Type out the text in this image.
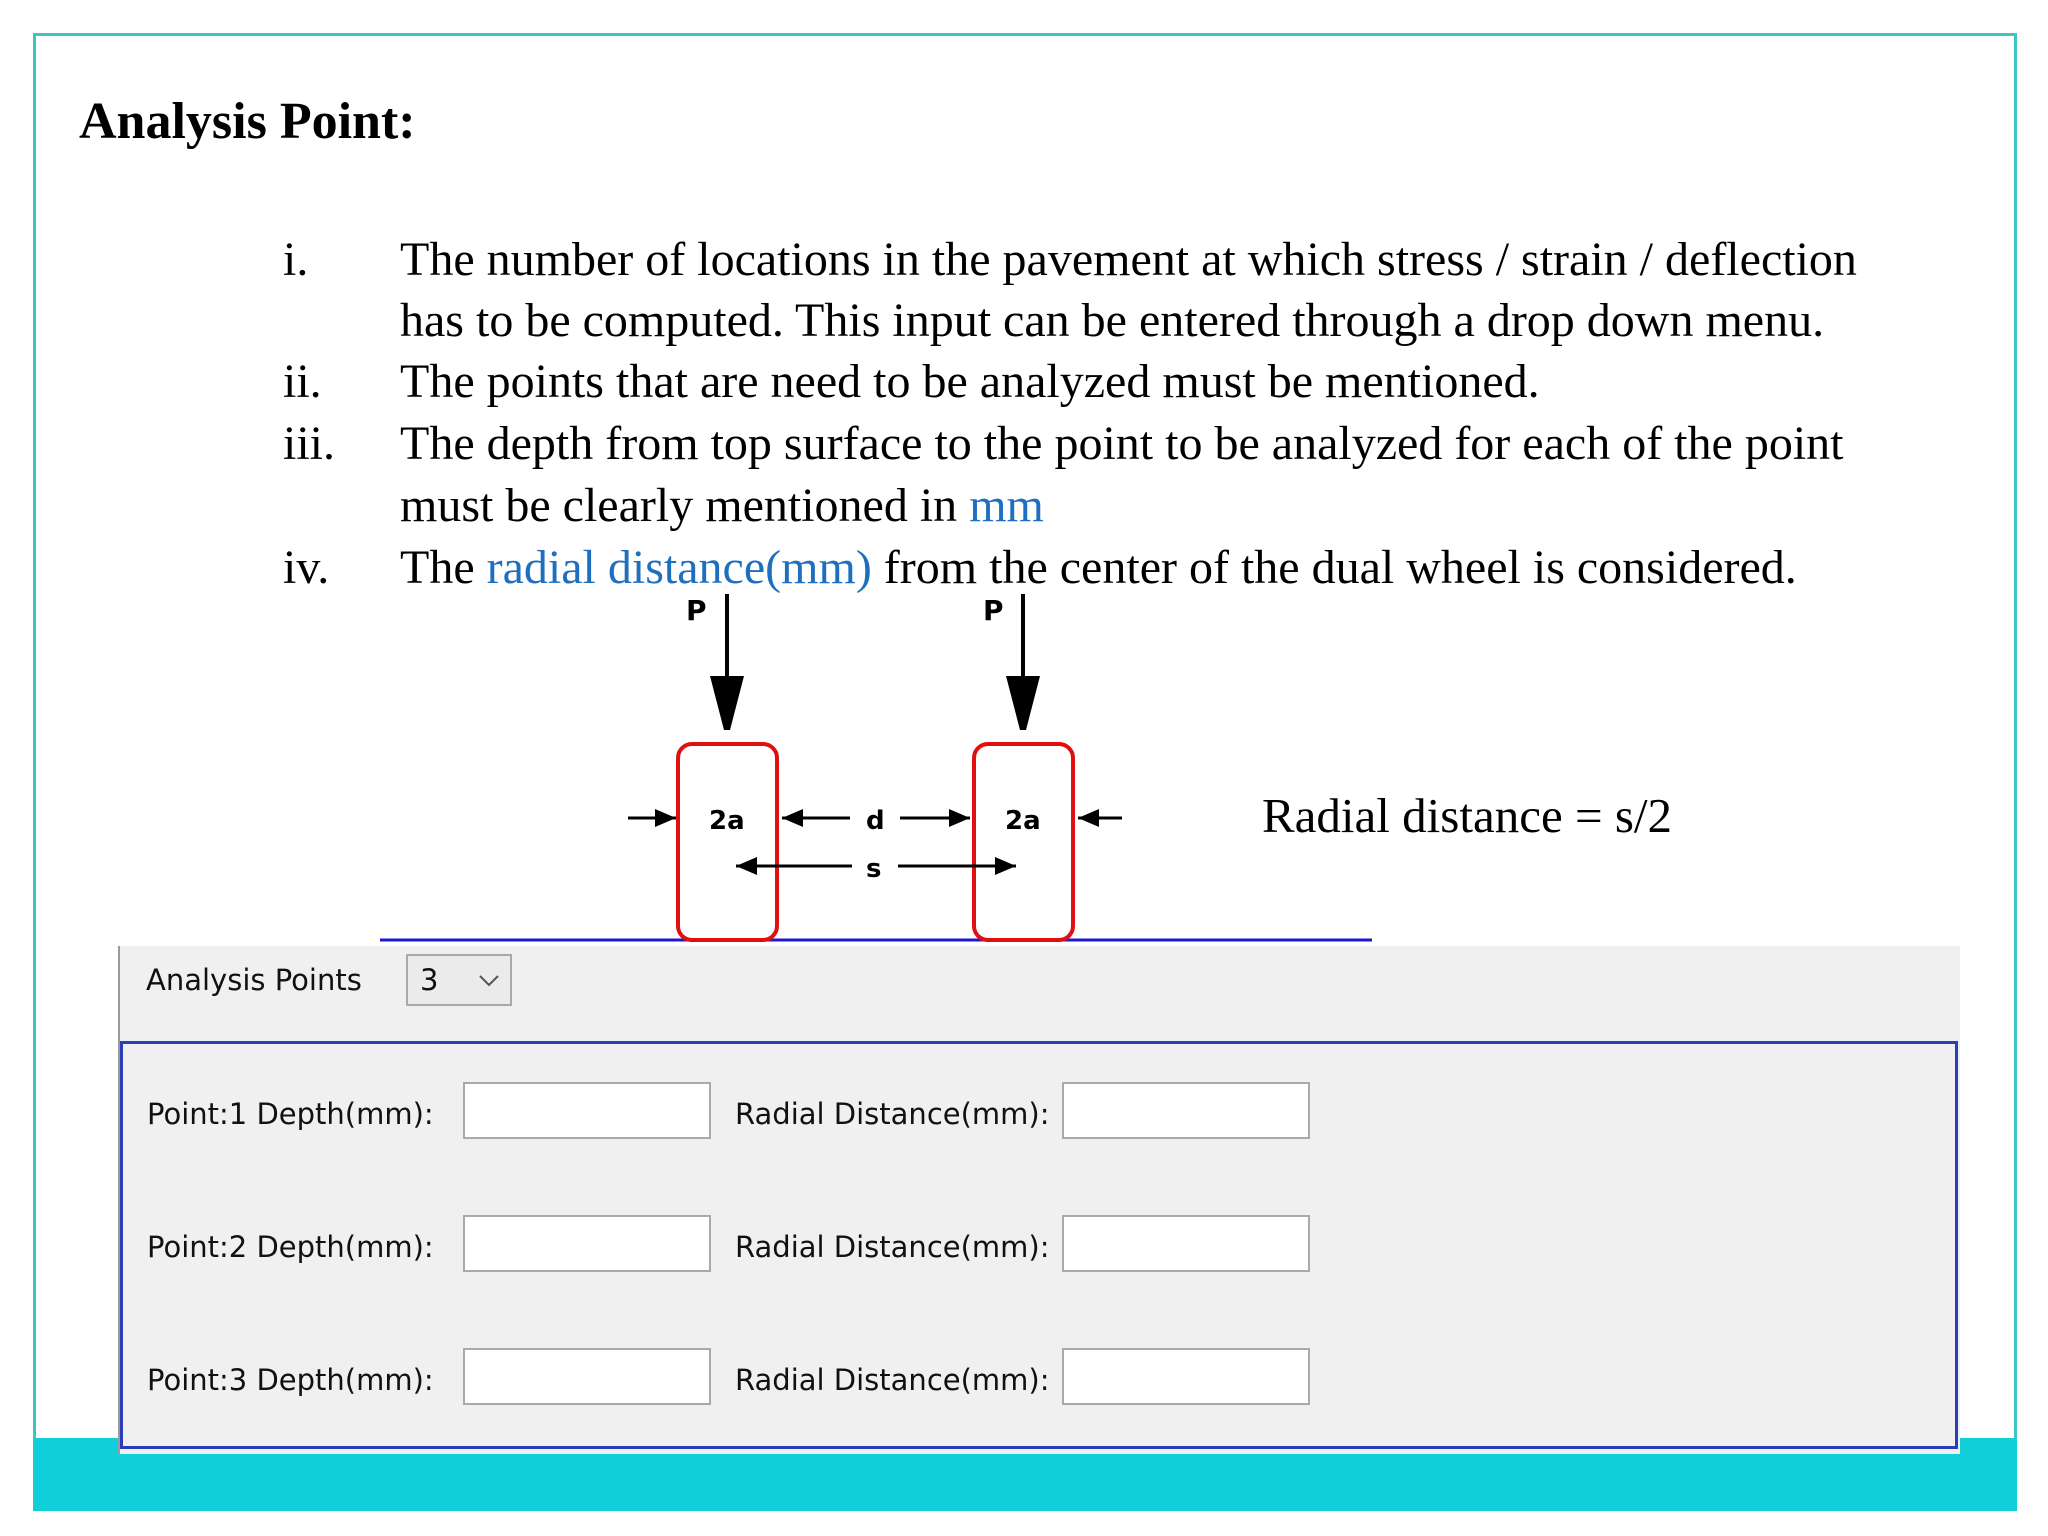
Analysis Point:
i. The number of locations in the pavement at which stress / strain / deflection
has to be computed. This input can be entered through a drop down menu.
ii. The points that are need to be analyzed must be mentioned.
iii. The depth from top surface to the point to be analyzed for each of the point
must be clearly mentioned in mm
iv. The radial distance(mm) from the center of the dual wheel is considered.
P	P
2a	2a
d
s
Radial distance = s/2
Analysis Points 3
Point:1 Depth(mm):	Radial Distance(mm):
Point:2 Depth(mm):	Radial Distance(mm):
Point:3 Depth(mm):	Radial Distance(mm):
